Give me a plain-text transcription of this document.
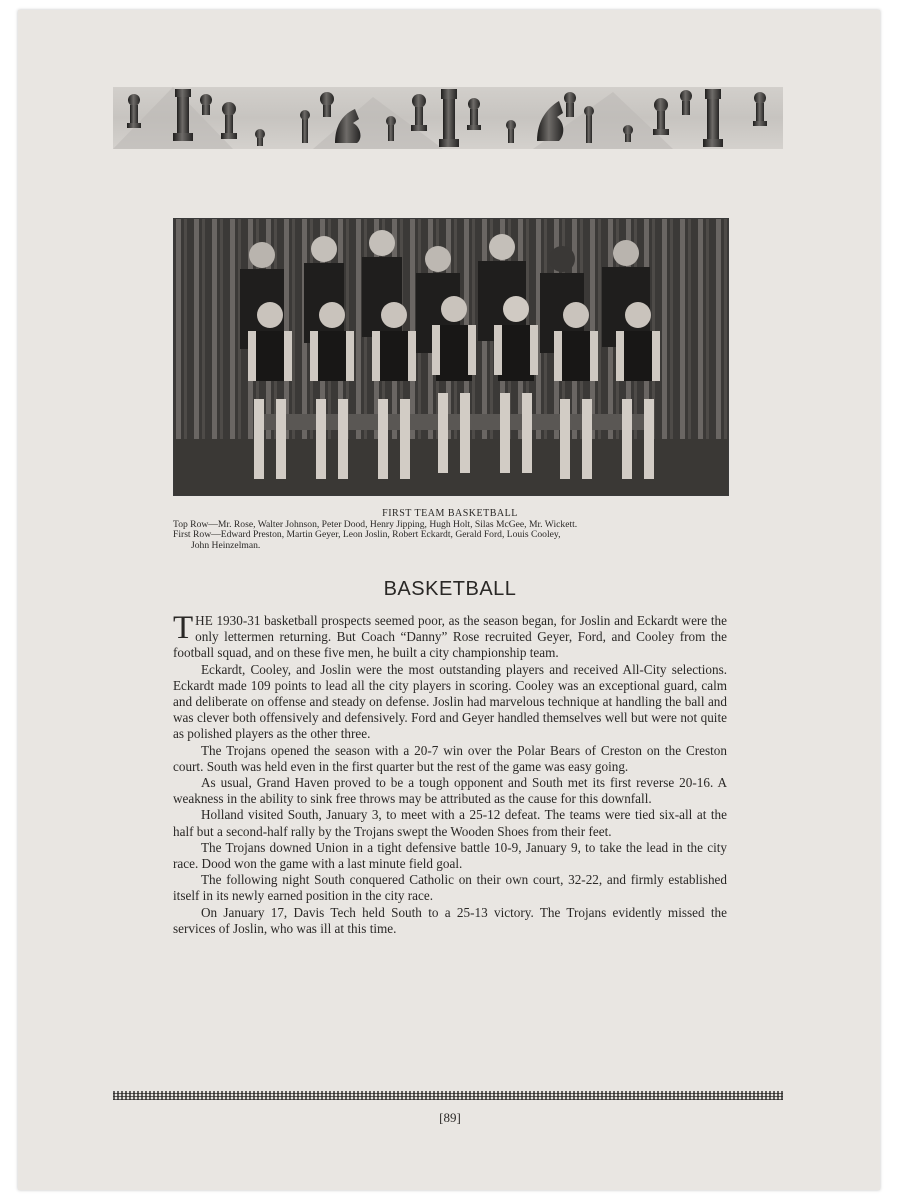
FIRST TEAM BASKETBALL
Top Row—Mr. Rose, Walter Johnson, Peter Dood, Henry Jipping, Hugh Holt, Silas McGee, Mr. Wickett.
First Row—Edward Preston, Martin Geyer, Leon Joslin, Robert Eckardt, Gerald Ford, Louis Cooley,
John Heinzelman.
BASKETBALL

THE 1930-31 basketball prospects seemed poor, as the season began, for Joslin and Eckardt were the only lettermen returning. But Coach “Danny” Rose recruited Geyer, Ford, and Cooley from the football squad, and on these five men, he built a city championship team.

Eckardt, Cooley, and Joslin were the most outstanding players and received All-City selections. Eckardt made 109 points to lead all the city players in scoring. Cooley was an exceptional guard, calm and deliberate on offense and steady on defense. Joslin had marvelous technique at handling the ball and was clever both offensively and defensively. Ford and Geyer handled themselves well but were not quite as polished players as the other three.

The Trojans opened the season with a 20-7 win over the Polar Bears of Creston on the Creston court. South was held even in the first quarter but the rest of the game was easy going.

As usual, Grand Haven proved to be a tough opponent and South met its first reverse 20-16. A weakness in the ability to sink free throws may be attributed as the cause for this downfall.

Holland visited South, January 3, to meet with a 25-12 defeat. The teams were tied six-all at the half but a second-half rally by the Trojans swept the Wooden Shoes from their feet.

The Trojans downed Union in a tight defensive battle 10-9, January 9, to take the lead in the city race. Dood won the game with a last minute field goal.

The following night South conquered Catholic on their own court, 32-22, and firmly established itself in its newly earned position in the city race.

On January 17, Davis Tech held South to a 25-13 victory. The Trojans evidently missed the services of Joslin, who was ill at this time.

[89]
